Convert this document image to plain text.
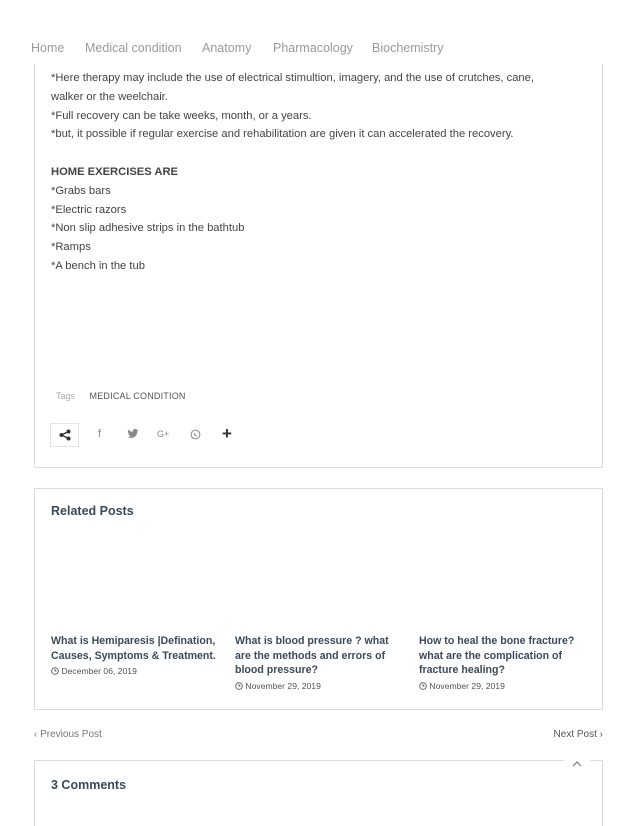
Home Medical condition Anatomy Pharmacology Biochemistry

*Here therapy may include the use of electrical stimultion, imagery, and the use of crutches, cane,

walker or the weelchair.

*Full recovery can be take weeks, month, or a years.

*but, it possible if regular exercise and rehabilitation are given it can accelerated the recovery.

HOME EXERCISES ARE

*Grabs bars

*Electric razors

*Non slip adhesive strips in the bathtub

*Ramps

*A bench in the tub

Tags MEDICAL CONDITION
f	G+	+
Related Posts
What is Hemiparesis |Defination, Causes, Symptoms & Treatment.
December 06, 2019
What is blood pressure ? what are the methods and errors of blood pressure?
November 29, 2019
How to heal the bone fracture? what are the complication of fracture healing?
November 29, 2019
‹ Previous Post	Next Post ›
3 Comments
